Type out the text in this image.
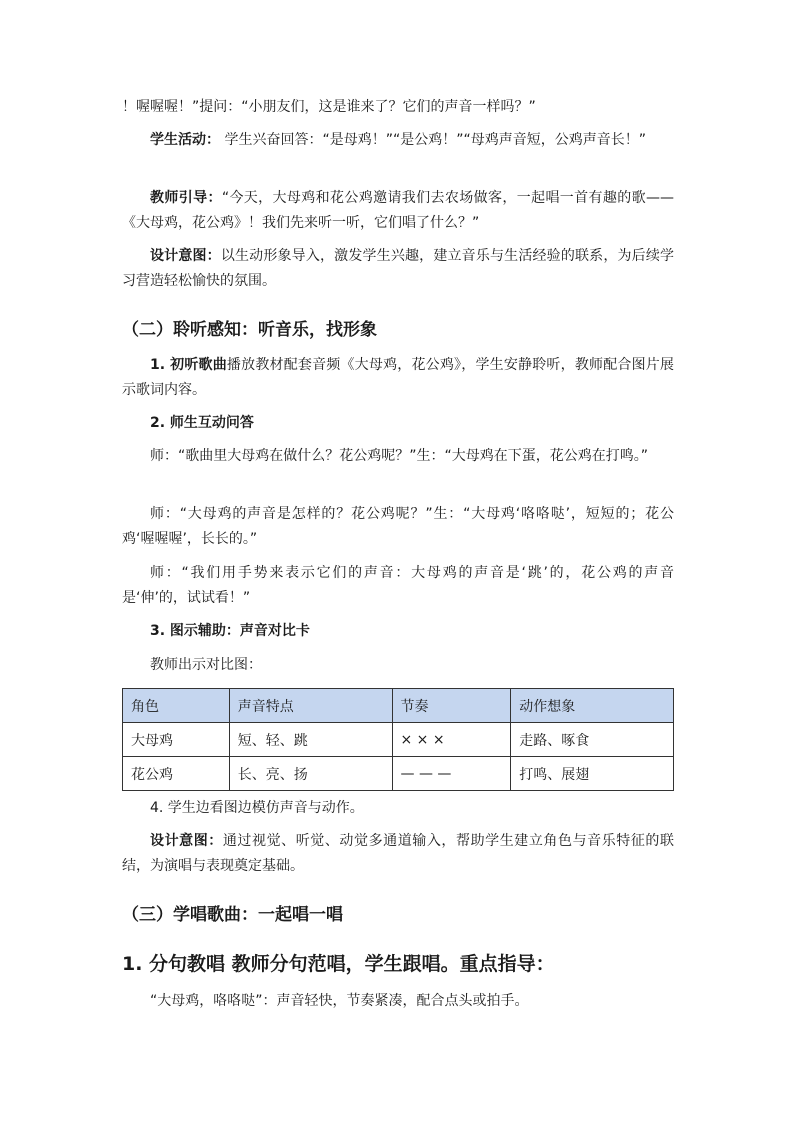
！喔喔喔！”提问：“小朋友们，这是谁来了？它们的声音一样吗？”

学生活动： 学生兴奋回答：“是母鸡！”“是公鸡！”“母鸡声音短，公鸡声音长！”

教师引导：“今天，大母鸡和花公鸡邀请我们去农场做客，一起唱一首有趣的歌——《大母鸡，花公鸡》！我们先来听一听，它们唱了什么？”

设计意图：以生动形象导入，激发学生兴趣，建立音乐与生活经验的联系，为后续学习营造轻松愉快的氛围。

（二）聆听感知：听音乐，找形象

1. 初听歌曲播放教材配套音频《大母鸡，花公鸡》，学生安静聆听，教师配合图片展示歌词内容。

2. 师生互动问答

师：“歌曲里大母鸡在做什么？花公鸡呢？”生：“大母鸡在下蛋，花公鸡在打鸣。”

师：“大母鸡的声音是怎样的？花公鸡呢？”生：“大母鸡‘咯咯哒’，短短的；花公鸡‘喔喔喔’，长长的。”

师：“我们用手势来表示它们的声音：大母鸡的声音是‘跳’的，花公鸡的声音是‘伸’的，试试看！”

3. 图示辅助：声音对比卡

教师出示对比图：

角色	声音特点	节奏	动作想象
大母鸡	短、轻、跳	× × ×	走路、啄食
花公鸡	长、亮、扬	— — —	打鸣、展翅

4. 学生边看图边模仿声音与动作。

设计意图：通过视觉、听觉、动觉多通道输入，帮助学生建立角色与音乐特征的联结，为演唱与表现奠定基础。

（三）学唱歌曲：一起唱一唱
1. 分句教唱 教师分句范唱，学生跟唱。重点指导：

“大母鸡，咯咯哒”：声音轻快，节奏紧凑，配合点头或拍手。
